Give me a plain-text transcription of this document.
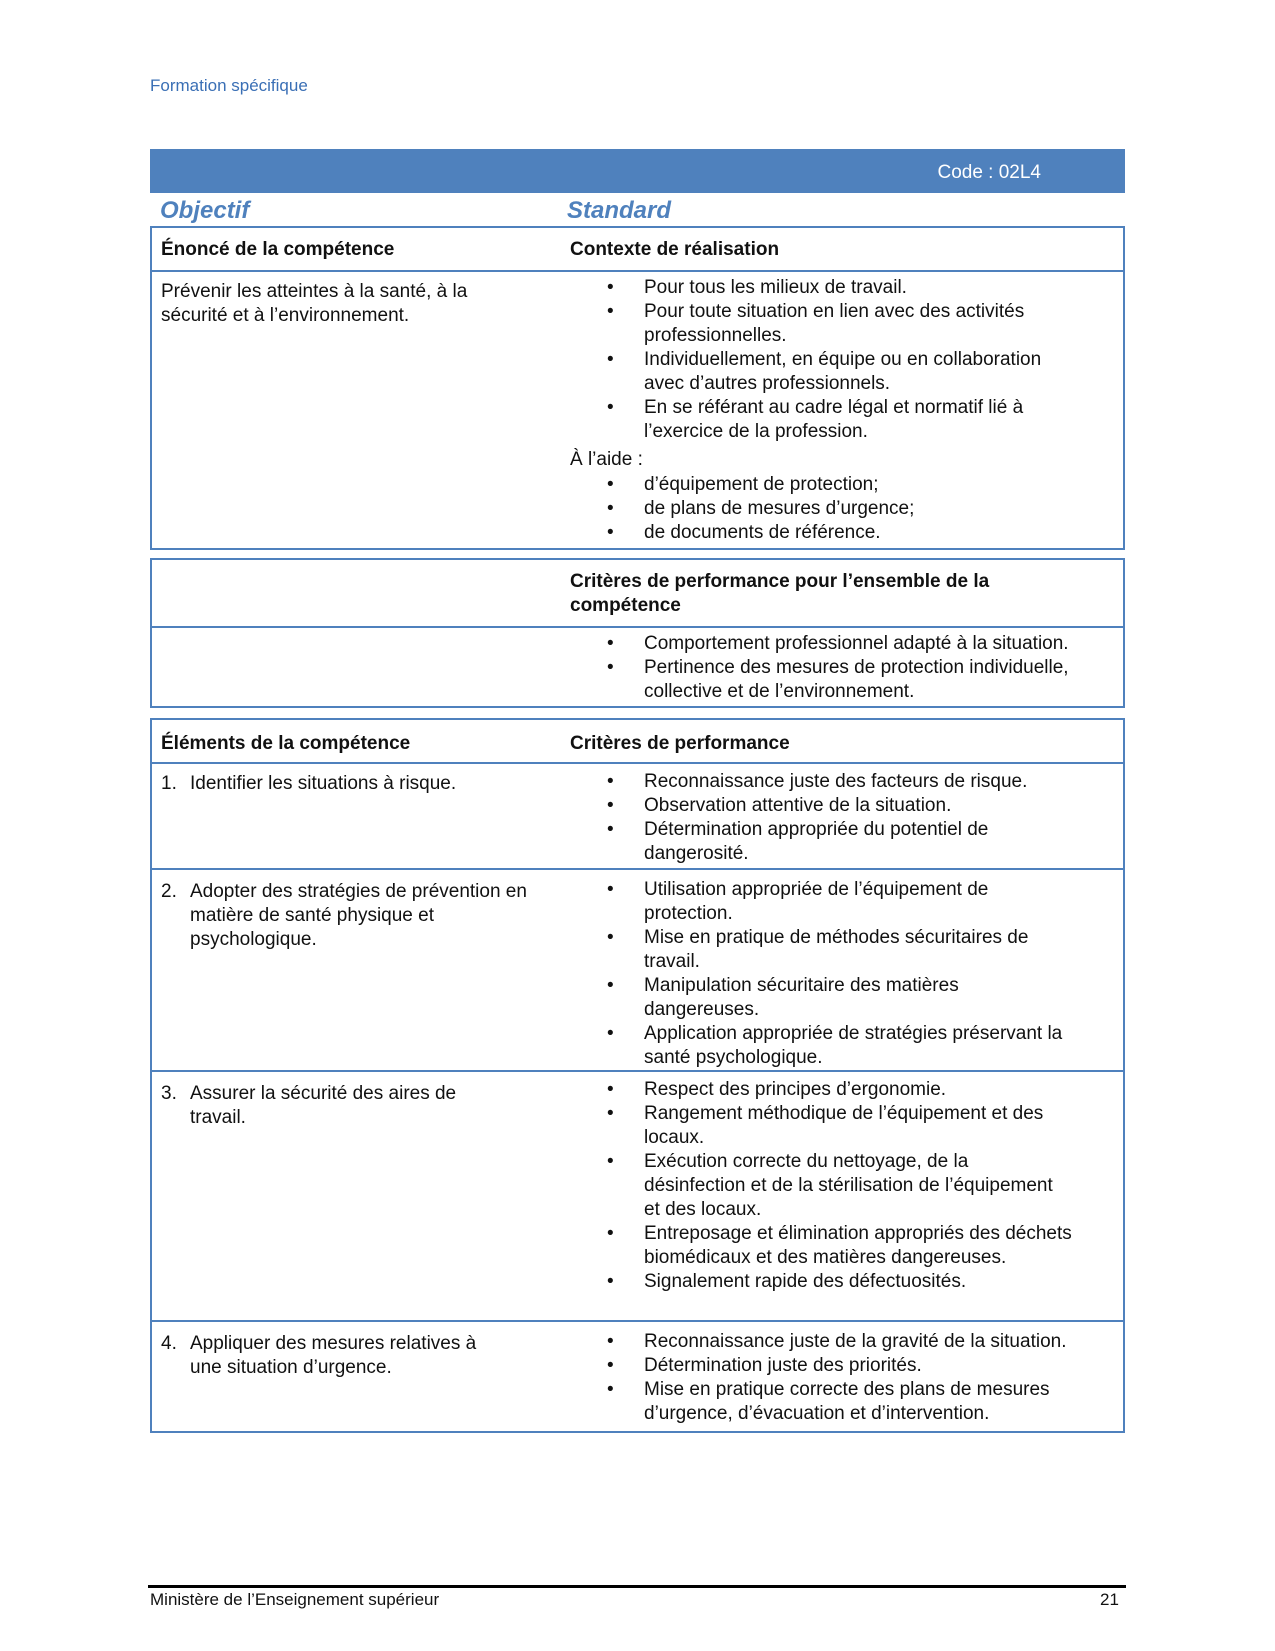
Formation spécifique
Code : 02L4
Objectif	Standard
Énoncé de la compétence	Contexte de réalisation
Prévenir les atteintes à la santé, à la
sécurité et à l’environnement.
• Pour tous les milieux de travail.
• Pour toute situation en lien avec des activités professionnelles.
• Individuellement, en équipe ou en collaboration avec d’autres professionnels.
• En se référant au cadre légal et normatif lié à l’exercice de la profession.
À l’aide :
• d’équipement de protection;
• de plans de mesures d’urgence;
• de documents de référence.
Critères de performance pour l’ensemble de la compétence
• Comportement professionnel adapté à la situation.
• Pertinence des mesures de protection individuelle, collective et de l’environnement.
Éléments de la compétence	Critères de performance
1. Identifier les situations à risque.
•	Reconnaissance juste des facteurs de risque.
• Observation attentive de la situation.
• Détermination appropriée du potentiel de dangerosité.
2. Adopter des stratégies de prévention en matière de santé physique et psychologique.
• Utilisation appropriée de l’équipement de protection.
• Mise en pratique de méthodes sécuritaires de travail.
• Manipulation sécuritaire des matières dangereuses.
• Application appropriée de stratégies préservant la santé psychologique.
3. Assurer la sécurité des aires de travail.
• Respect des principes d’ergonomie.
• Rangement méthodique de l’équipement et des locaux.
• Exécution correcte du nettoyage, de la désinfection et de la stérilisation de l’équipement et des locaux.
• Entreposage et élimination appropriés des déchets biomédicaux et des matières dangereuses.
• Signalement rapide des défectuosités.
4. Appliquer des mesures relatives à une situation d’urgence.
• Reconnaissance juste de la gravité de la situation.
• Détermination juste des priorités.
• Mise en pratique correcte des plans de mesures d’urgence, d’évacuation et d’intervention.
Ministère de l’Enseignement supérieur	21
